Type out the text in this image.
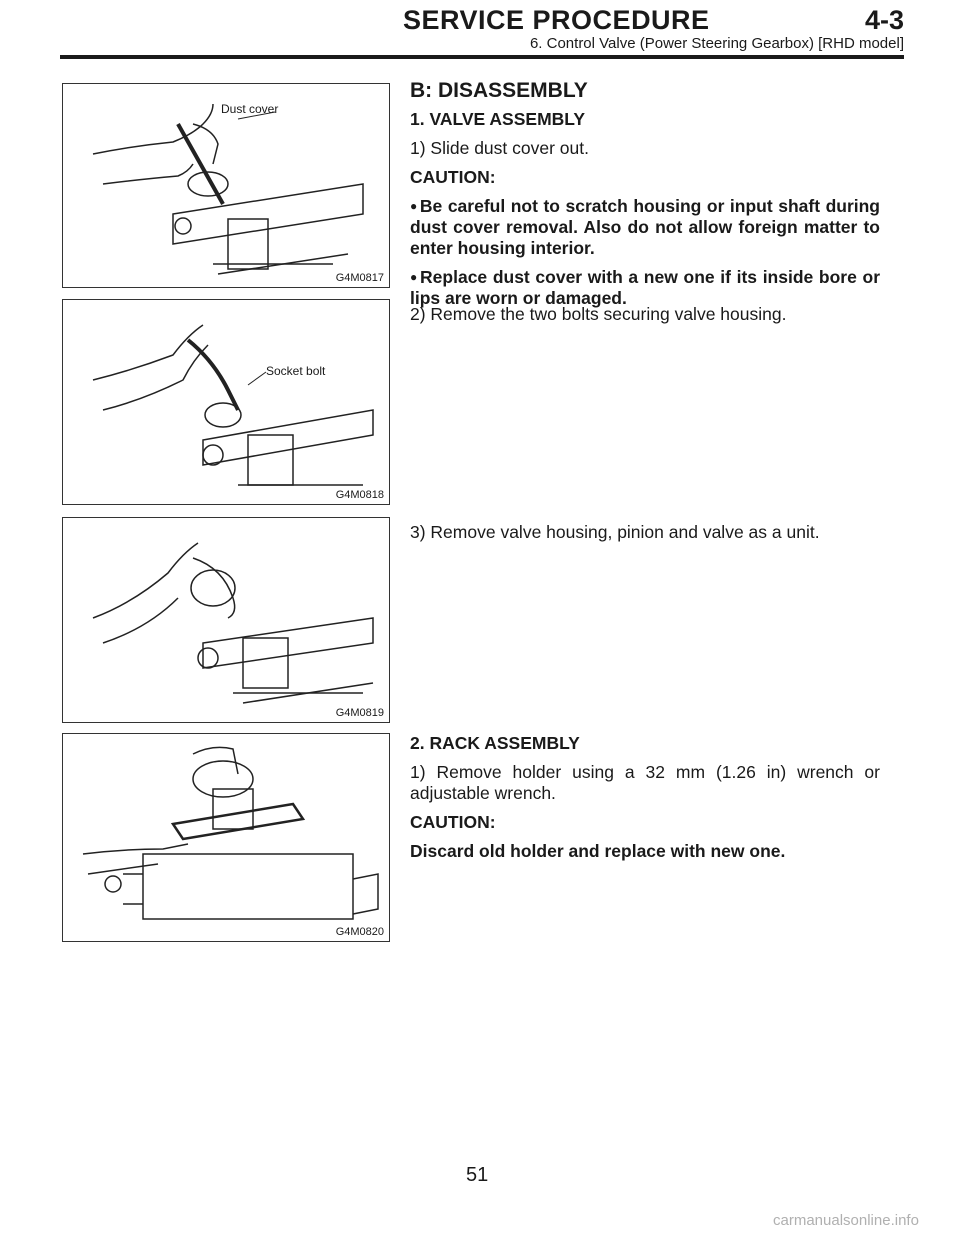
SERVICE PROCEDURE	4-3
6. Control Valve (Power Steering Gearbox) [RHD model]
Dust cover
G4M0817
Socket bolt
G4M0818
G4M0819
G4M0820

B: DISASSEMBLY

1. VALVE ASSEMBLY

1) Slide dust cover out.

CAUTION:

● Be careful not to scratch housing or input shaft during dust cover removal. Also do not allow foreign matter to enter housing interior.

● Replace dust cover with a new one if its inside bore or lips are worn or damaged.

2) Remove the two bolts securing valve housing.

3) Remove valve housing, pinion and valve as a unit.

2. RACK ASSEMBLY

1) Remove holder using a 32 mm (1.26 in) wrench or adjustable wrench.

CAUTION:

Discard old holder and replace with new one.

51
carmanualsonline.info
